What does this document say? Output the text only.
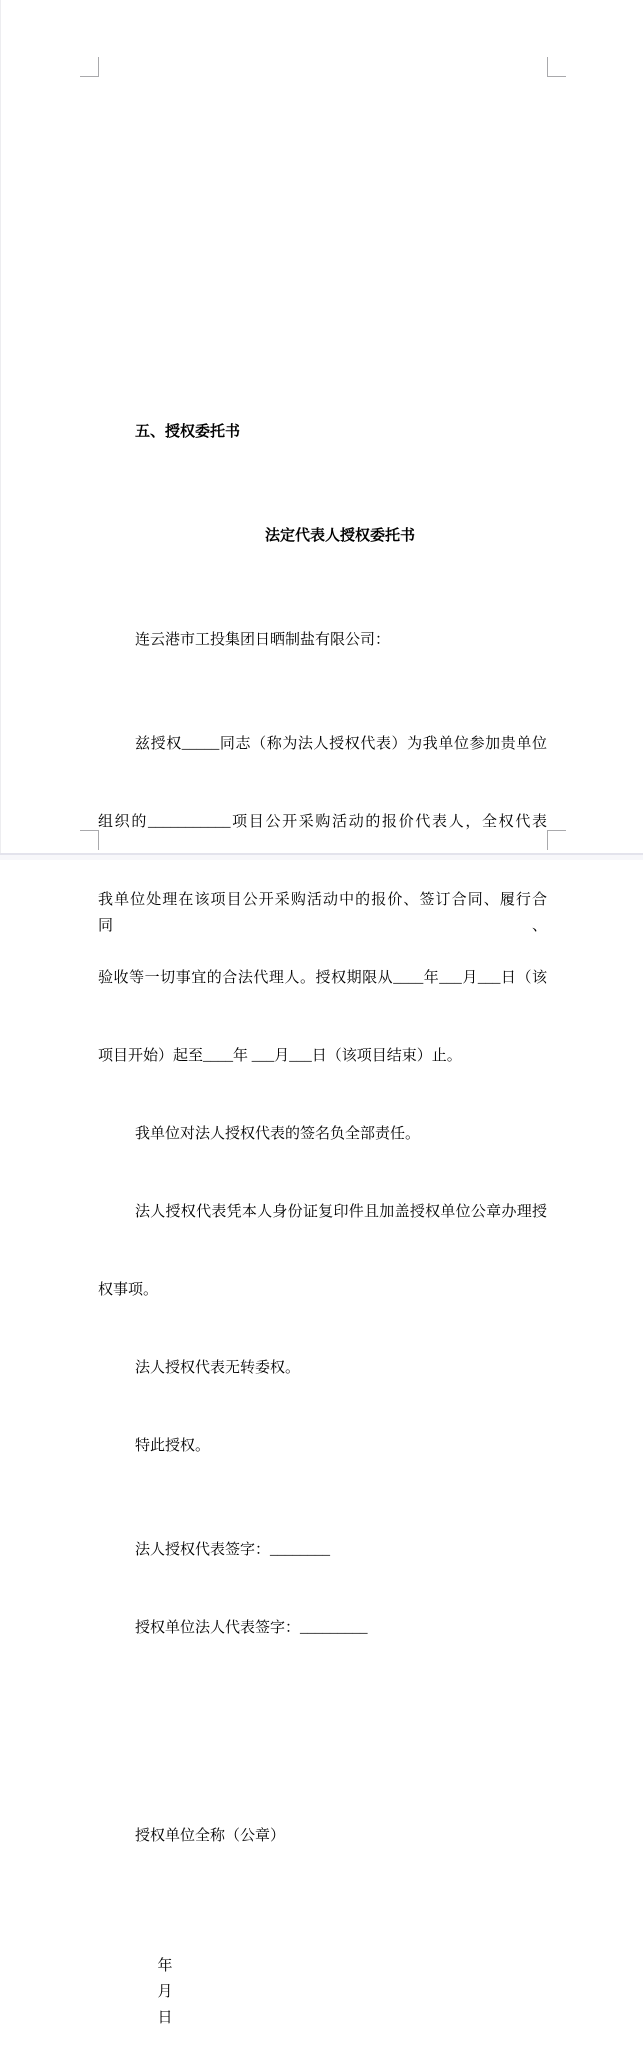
五、授权委托书

法定代表人授权委托书

连云港市工投集团日晒制盐有限公司：

兹授权_____同志（称为法人授权代表）为我单位参加贵单位

组织的___________项目公开采购活动的报价代表人，全权代表

我单位处理在该项目公开采购活动中的报价、签订合同、履行合同、

验收等一切事宜的合法代理人。授权期限从____年___月___日（该

项目开始）起至____年 ___月___日（该项目结束）止。

我单位对法人授权代表的签名负全部责任。

法人授权代表凭本人身份证复印件且加盖授权单位公章办理授

权事项。

法人授权代表无转委权。

特此授权。

法人授权代表签字：________

授权单位法人代表签字：_________

授权单位全称（公章）

年
月
日
